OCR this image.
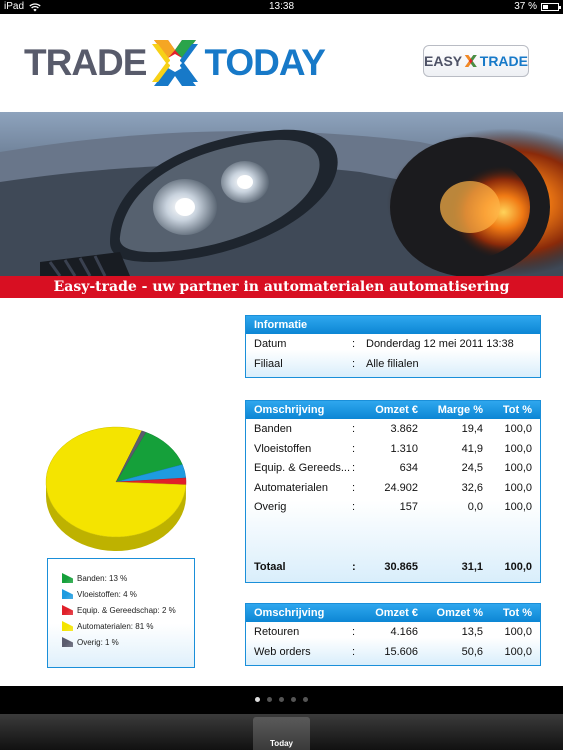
iPad	13:38	37 %
TRADE TODAY	EASY TRADE
Easy-trade - uw partner in automaterialen automatisering
Informatie
Datum	: Donderdag 12 mei 2011 13:38
Filiaal	: Alle filialen
Omschrijving	Omzet € Marge % Tot %
Banden	:	3.862	19,4 100,0
Vloeistoffen	:	1.310	41,9 100,0
Equip. & Gereeds... :	634	24,5 100,0
Automaterialen :	24.902	32,6 100,0
Overig	:	157	0,0 100,0
Totaal	:	30.865	31,1 100,0
Omschrijving	Omzet € Omzet % Tot %
Retouren	:	4.166	13,5 100,0
Web orders	:	15.606	50,6 100,0
Banden: 13 %
Vloeistoffen: 4 %
Equip. & Gereedschap: 2 %
Automaterialen: 81 %
Overig: 1 %
Today
